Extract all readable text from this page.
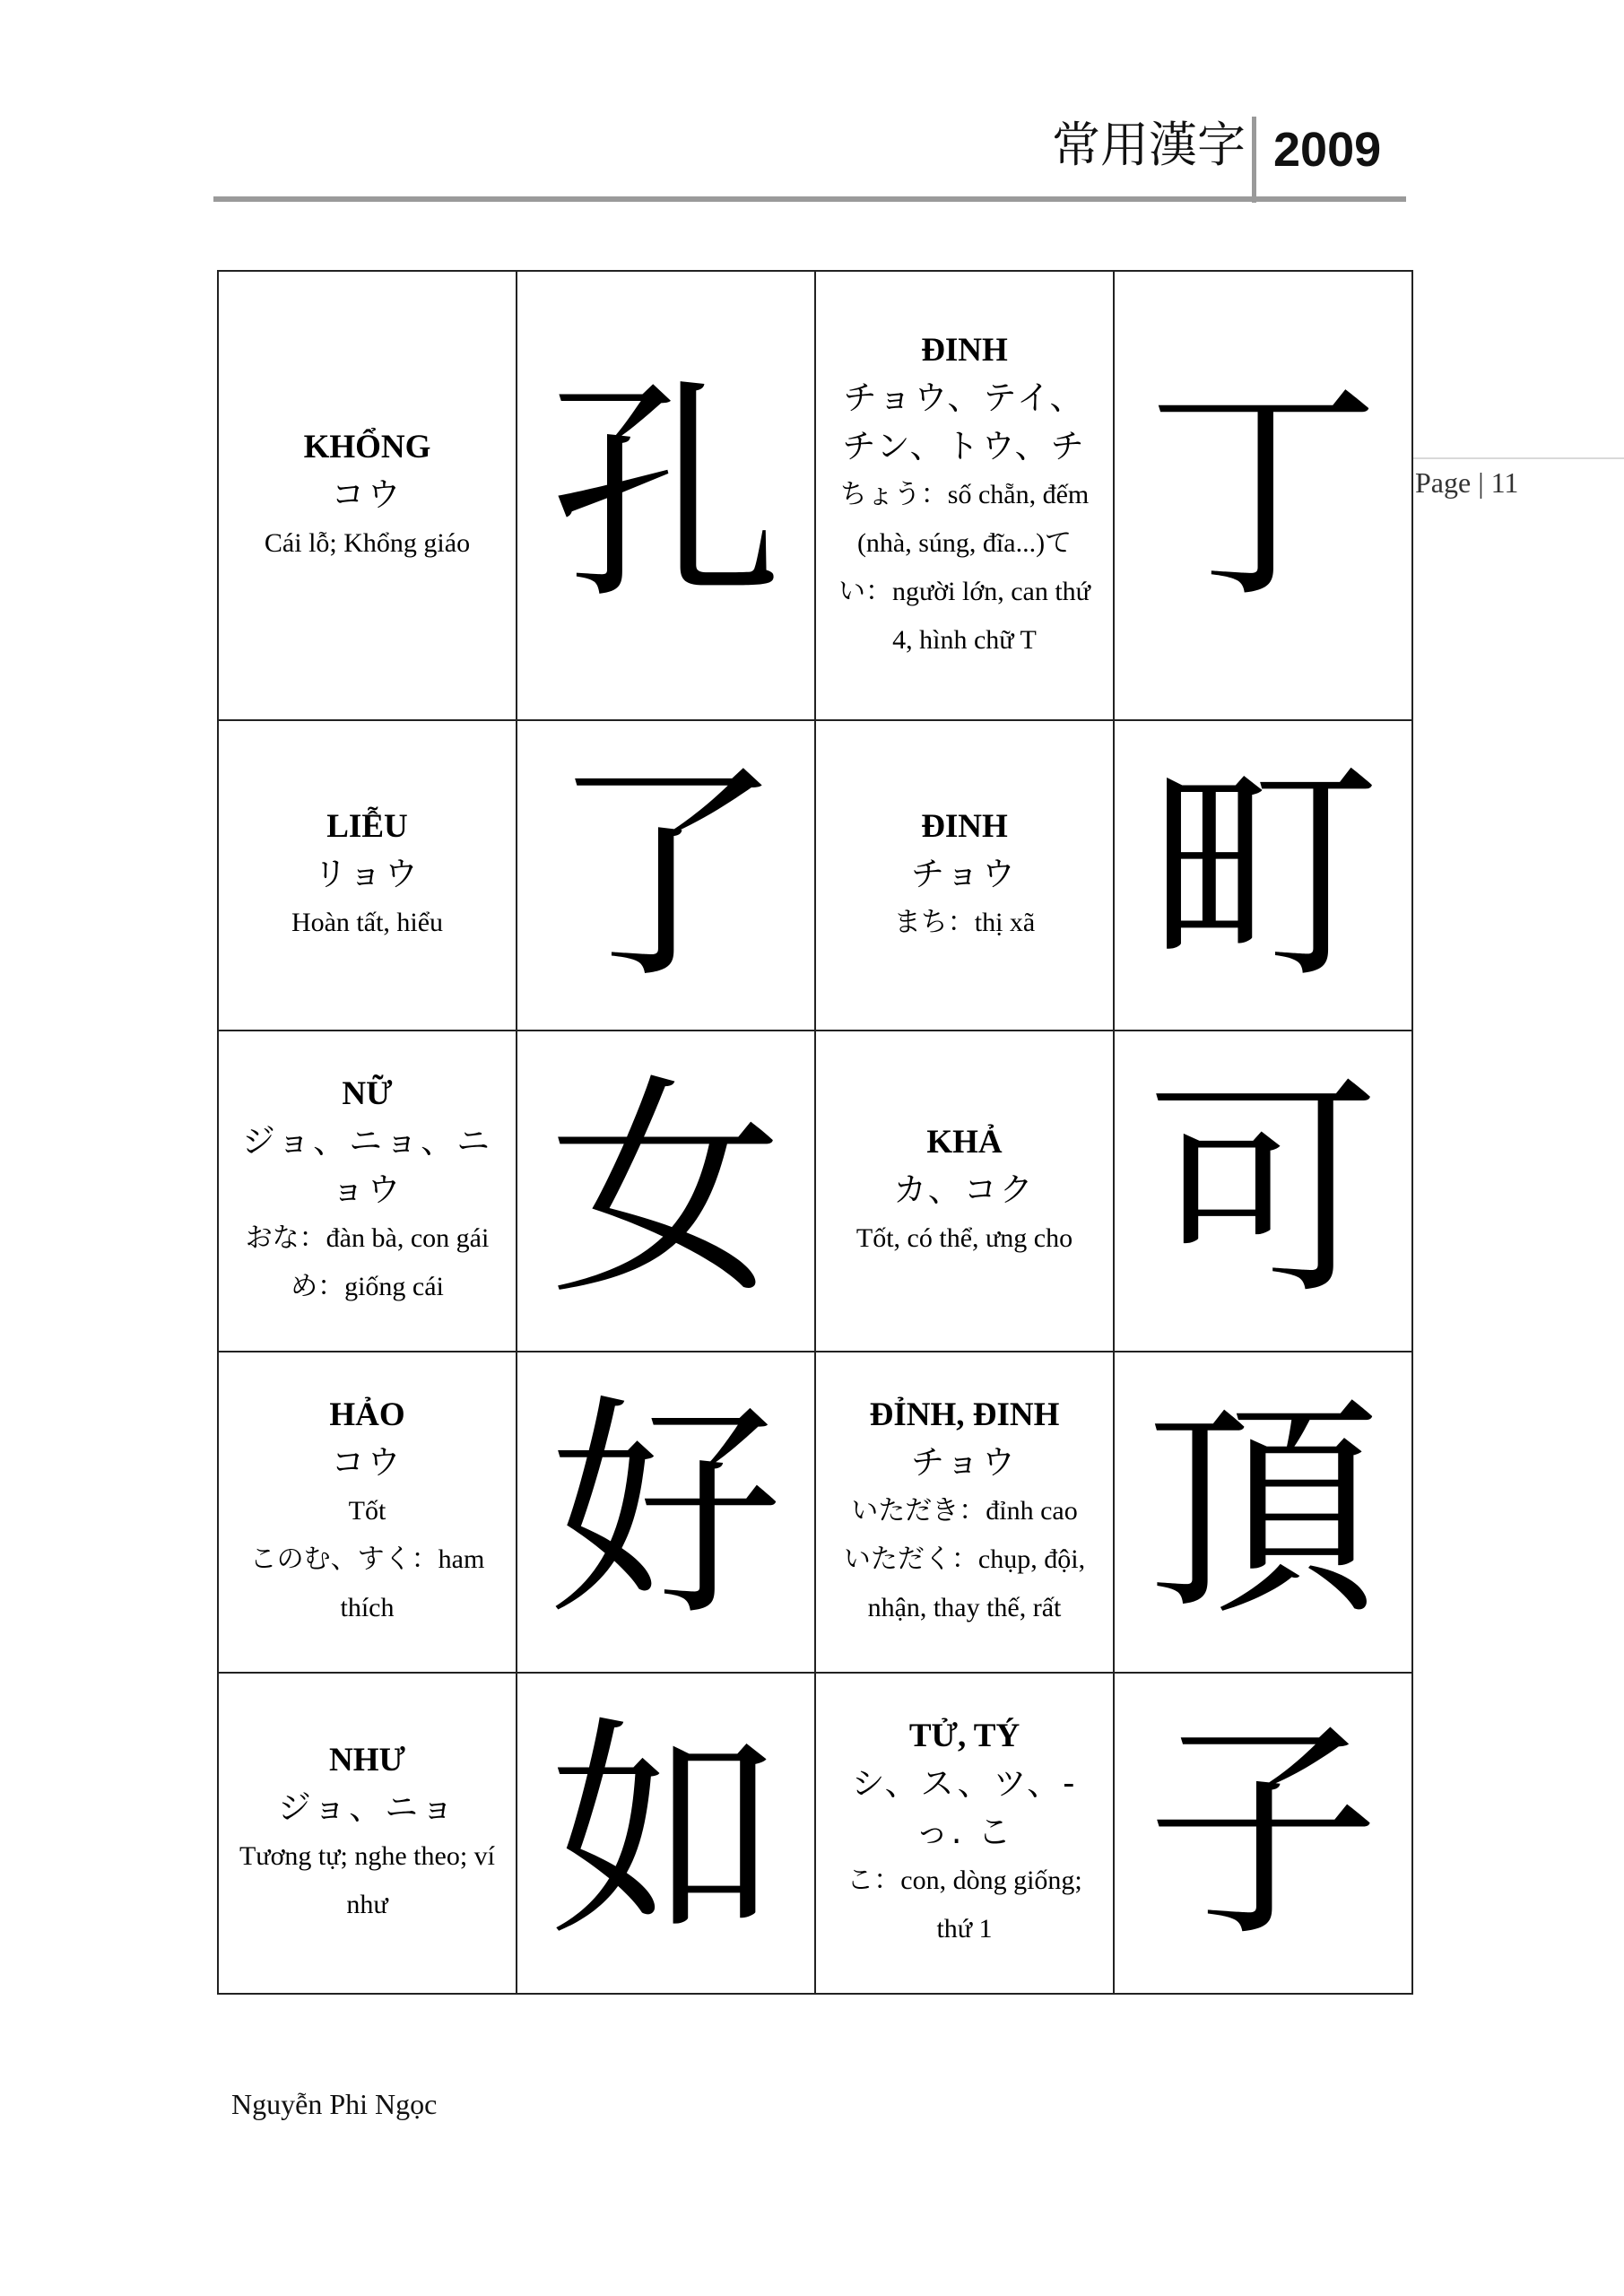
常用漢字 2009
Page | 11
KHỔNG
コウ
Cái lỗ; Khổng giáo	孔	ĐINH
チョウ、テイ、チン、トウ、チ
ちょう：số chẵn, đếm (nhà, súng, đĩa...)て
い：người lớn, can thứ 4, hình chữ T	丁

LIỄU
リョウ
Hoàn tất, hiểu	了	ĐINH
チョウ
まち：thị xã	町

NỮ
ジョ、ニョ、ニョウ
おな：đàn bà, con gái
め：giống cái	女	KHẢ
カ、コク
Tốt, có thể, ưng cho	可

HẢO
コウ
Tốt
このむ、すく：ham thích	好	ĐỈNH, ĐINH
チョウ
いただき：đỉnh cao
いただく：chụp, đội, nhận, thay thế, rất	頂

NHƯ
ジョ、ニョ
Tương tự; nghe theo; ví như	如	TỬ, TÝ
シ、ス、ツ、-っ. こ
こ：con, dòng giống; thứ 1	子
Nguyễn Phi Ngọc
